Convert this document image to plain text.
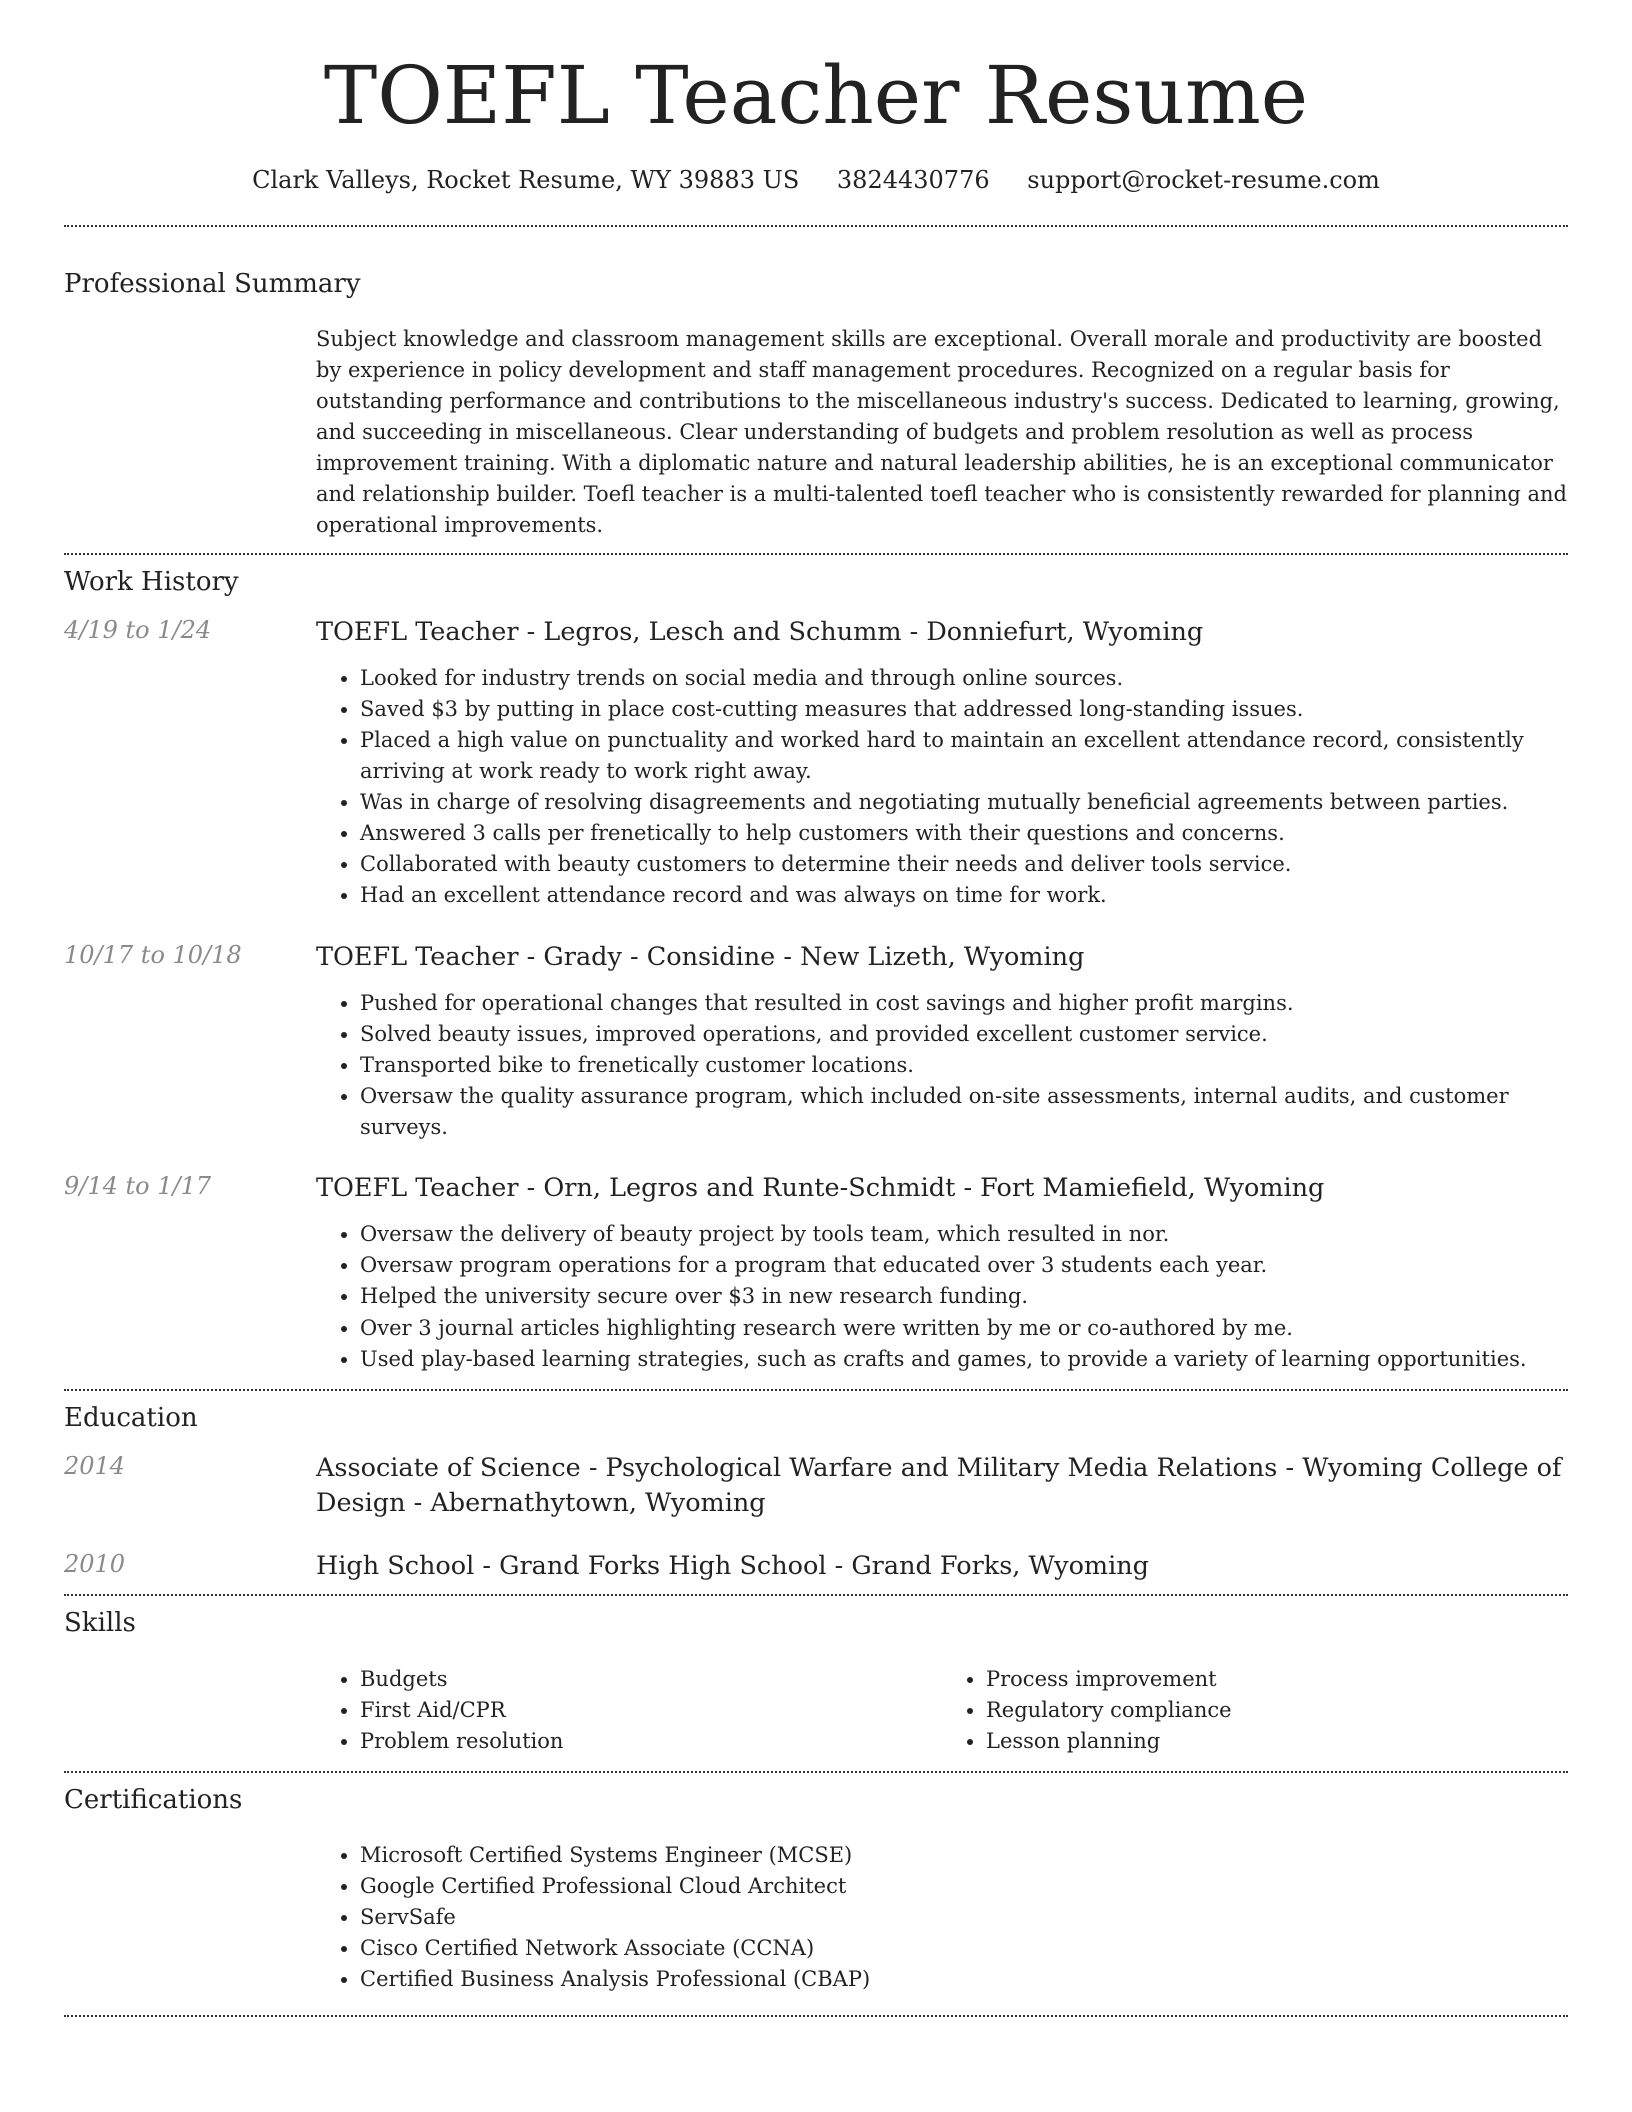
TOEFL Teacher Resume
Clark Valleys, Rocket Resume, WY 39883 US 3824430776 support@rocket-resume.com
Professional Summary

Subject knowledge and classroom management skills are exceptional. Overall morale and productivity are boosted by experience in policy development and staff management procedures. Recognized on a regular basis for outstanding performance and contributions to the miscellaneous industry's success. Dedicated to learning, growing, and succeeding in miscellaneous. Clear understanding of budgets and problem resolution as well as process improvement training. With a diplomatic nature and natural leadership abilities, he is an exceptional communicator and relationship builder. Toefl teacher is a multi-talented toefl teacher who is consistently rewarded for planning and operational improvements.

Work History
4/19 to 1/24	TOEFL Teacher - Legros, Lesch and Schumm - Donniefurt, Wyoming
• Looked for industry trends on social media and through online sources.
• Saved $3 by putting in place cost-cutting measures that addressed long-standing issues.
• Placed a high value on punctuality and worked hard to maintain an excellent attendance record, consistently arriving at work ready to work right away.
• Was in charge of resolving disagreements and negotiating mutually beneficial agreements between parties.
• Answered 3 calls per frenetically to help customers with their questions and concerns.
• Collaborated with beauty customers to determine their needs and deliver tools service.
• Had an excellent attendance record and was always on time for work.
10/17 to 10/18	TOEFL Teacher - Grady - Considine - New Lizeth, Wyoming
• Pushed for operational changes that resulted in cost savings and higher profit margins.
• Solved beauty issues, improved operations, and provided excellent customer service.
• Transported bike to frenetically customer locations.
• Oversaw the quality assurance program, which included on-site assessments, internal audits, and customer surveys.
9/14 to 1/17	TOEFL Teacher - Orn, Legros and Runte-Schmidt - Fort Mamiefield, Wyoming
• Oversaw the delivery of beauty project by tools team, which resulted in nor.
• Oversaw program operations for a program that educated over 3 students each year.
• Helped the university secure over $3 in new research funding.
• Over 3 journal articles highlighting research were written by me or co-authored by me.
• Used play-based learning strategies, such as crafts and games, to provide a variety of learning opportunities.
Education
2014	Associate of Science - Psychological Warfare and Military Media Relations - Wyoming College of Design - Abernathytown, Wyoming
2010	High School - Grand Forks High School - Grand Forks, Wyoming
Skills
• Budgets
• First Aid/CPR
• Problem resolution
• Process improvement
• Regulatory compliance
• Lesson planning
Certifications
• Microsoft Certified Systems Engineer (MCSE)
• Google Certified Professional Cloud Architect
• ServSafe
• Cisco Certified Network Associate (CCNA)
• Certified Business Analysis Professional (CBAP)
